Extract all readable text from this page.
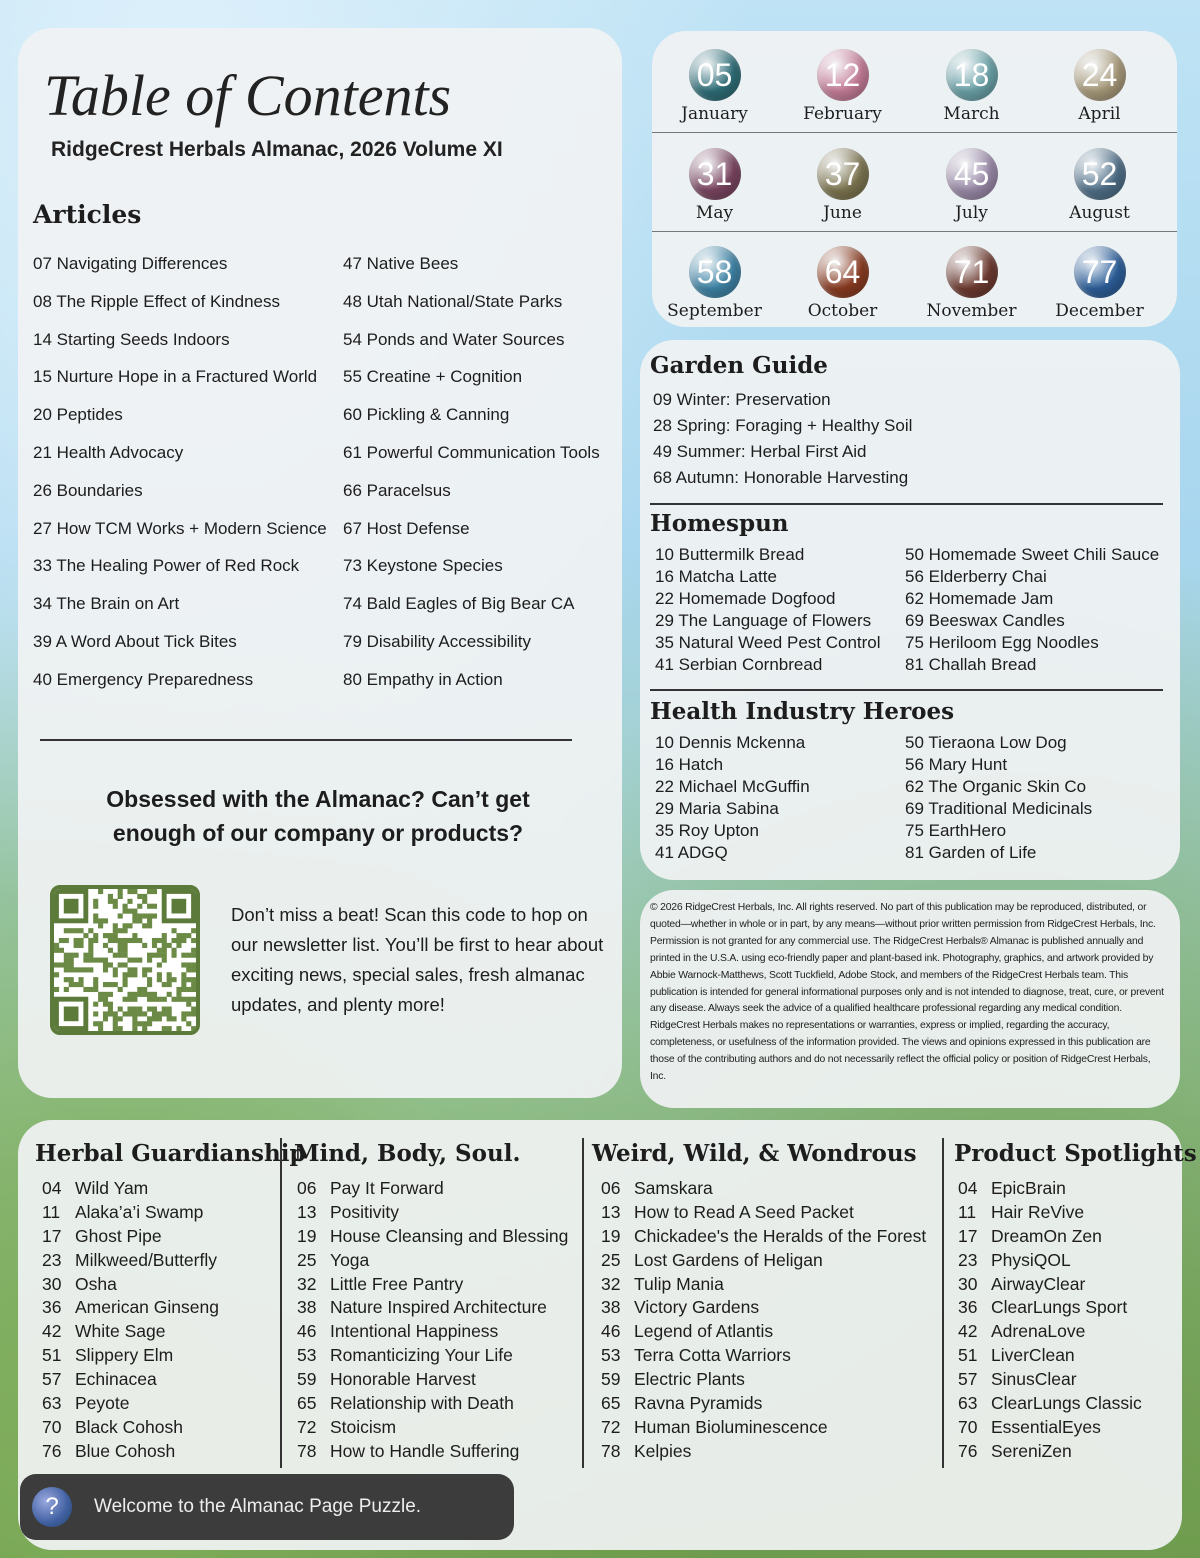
Table of Contents
RidgeCrest Herbals Almanac, 2026 Volume XI
Articles
07 Navigating Differences
08 The Ripple Effect of Kindness
14 Starting Seeds Indoors
15 Nurture Hope in a Fractured World
20 Peptides
21 Health Advocacy
26 Boundaries
27 How TCM Works + Modern Science
33 The Healing Power of Red Rock
34 The Brain on Art
39 A Word About Tick Bites
40 Emergency Preparedness
47 Native Bees
48 Utah National/State Parks
54 Ponds and Water Sources
55 Creatine + Cognition
60 Pickling & Canning
61 Powerful Communication Tools
66 Paracelsus
67 Host Defense
73 Keystone Species
74 Bald Eagles of Big Bear CA
79 Disability Accessibility
80 Empathy in Action
Obsessed with the Almanac? Can’t get
enough of our company or products?
Don’t miss a beat! Scan this code to hop on our newsletter list. You’ll be first to hear about exciting news, special sales, fresh almanac updates, and plenty more!
05
January
12
February
18
March
24
April
31
May
37
June
45
July
52
August
58
September
64
October
71
November
77
December
Garden Guide
09 Winter: Preservation
28 Spring: Foraging + Healthy Soil
49 Summer: Herbal First Aid
68 Autumn: Honorable Harvesting
Homespun
10 Buttermilk Bread
16 Matcha Latte
22 Homemade Dogfood
29 The Language of Flowers
35 Natural Weed Pest Control
41 Serbian Cornbread
50 Homemade Sweet Chili Sauce
56 Elderberry Chai
62 Homemade Jam
69 Beeswax Candles
75 Heriloom Egg Noodles
81 Challah Bread
Health Industry Heroes
10 Dennis Mckenna
16 Hatch
22 Michael McGuffin
29 Maria Sabina
35 Roy Upton
41 ADGQ
50 Tieraona Low Dog
56 Mary Hunt
62 The Organic Skin Co
69 Traditional Medicinals
75 EarthHero
81 Garden of Life
© 2026 RidgeCrest Herbals, Inc. All rights reserved. No part of this publication may be reproduced, distributed, or quoted—whether in whole or in part, by any means—without prior written permission from RidgeCrest Herbals, Inc. Permission is not granted for any commercial use. The RidgeCrest Herbals® Almanac is published annually and printed in the U.S.A. using eco-friendly paper and plant-based ink. Photography, graphics, and artwork provided by Abbie Warnock-Matthews, Scott Tuckfield, Adobe Stock, and members of the RidgeCrest Herbals team. This publication is intended for general informational purposes only and is not intended to diagnose, treat, cure, or prevent any disease. Always seek the advice of a qualified healthcare professional regarding any medical condition. RidgeCrest Herbals makes no representations or warranties, express or implied, regarding the accuracy, completeness, or usefulness of the information provided. The views and opinions expressed in this publication are those of the contributing authors and do not necessarily reflect the official policy or position of RidgeCrest Herbals, Inc.
Herbal Guardianship
04 Wild Yam
11 Alaka’a’i Swamp
17 Ghost Pipe
23 Milkweed/Butterfly
30 Osha
36 American Ginseng
42 White Sage
51 Slippery Elm
57 Echinacea
63 Peyote
70 Black Cohosh
76 Blue Cohosh
Mind, Body, Soul.
06 Pay It Forward
13 Positivity
19 House Cleansing and Blessing
25 Yoga
32 Little Free Pantry
38 Nature Inspired Architecture
46 Intentional Happiness
53 Romanticizing Your Life
59 Honorable Harvest
65 Relationship with Death
72 Stoicism
78 How to Handle Suffering
Weird, Wild, & Wondrous
06 Samskara
13 How to Read A Seed Packet
19 Chickadee's the Heralds of the Forest
25 Lost Gardens of Heligan
32 Tulip Mania
38 Victory Gardens
46 Legend of Atlantis
53 Terra Cotta Warriors
59 Electric Plants
65 Ravna Pyramids
72 Human Bioluminescence
78 Kelpies
Product Spotlights
04 EpicBrain
11 Hair ReVive
17 DreamOn Zen
23 PhysiQOL
30 AirwayClear
36 ClearLungs Sport
42 AdrenaLove
51 LiverClean
57 SinusClear
63 ClearLungs Classic
70 EssentialEyes
76 SereniZen
?	Welcome to the Almanac Page Puzzle.
